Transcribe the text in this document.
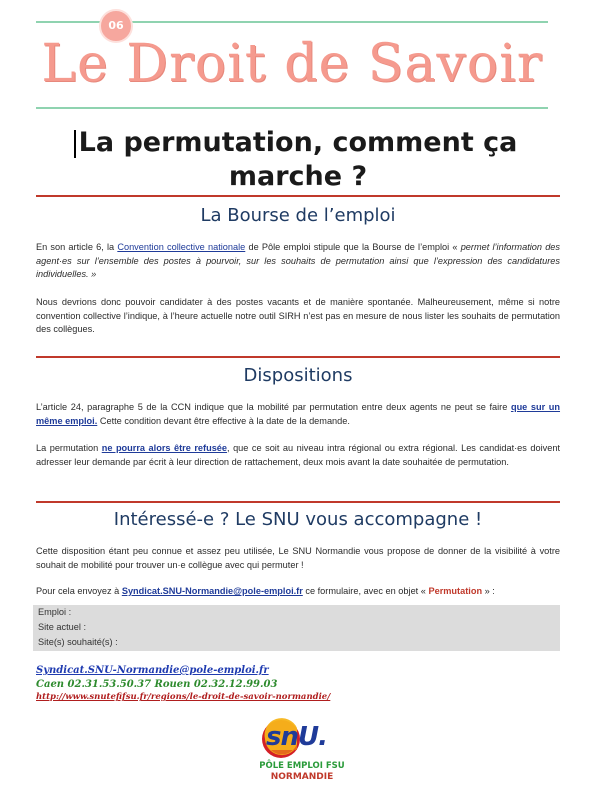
06
Le Droit de Savoir
La permutation, comment ça marche ?
La Bourse de l’emploi
En son article 6, la Convention collective nationale de Pôle emploi stipule que la Bourse de l’emploi « permet l’information des agent·es sur l’ensemble des postes à pourvoir, sur les souhaits de permutation ainsi que l’expression des candidatures individuelles. »
Nous devrions donc pouvoir candidater à des postes vacants et de manière spontanée. Malheureusement, même si notre convention collective l’indique, à l’heure actuelle notre outil SIRH n’est pas en mesure de nous lister les souhaits de permutation des collègues.
Dispositions
L’article 24, paragraphe 5 de la CCN indique que la mobilité par permutation entre deux agents ne peut se faire que sur un même emploi. Cette condition devant être effective à la date de la demande.
La permutation ne pourra alors être refusée, que ce soit au niveau intra régional ou extra régional. Les candidat·es doivent adresser leur demande par écrit à leur direction de rattachement, deux mois avant la date souhaitée de permutation.
Intéressé-e ? Le SNU vous accompagne !
Cette disposition étant peu connue et assez peu utilisée, Le SNU Normandie vous propose de donner de la visibilité à votre souhait de mobilité pour trouver un·e collègue avec qui permuter !
Pour cela envoyez à Syndicat.SNU-Normandie@pole-emploi.fr ce formulaire, avec en objet « Permutation » :
Emploi :
Site actuel :
Site(s) souhaité(s) :
Syndicat.SNU-Normandie@pole-emploi.fr
Caen 02.31.53.50.37 Rouen 02.32.12.99.03
http://www.snutefifsu.fr/regions/le-droit-de-savoir-normandie/
snU.
PÔLE EMPLOI FSU
NORMANDIE
